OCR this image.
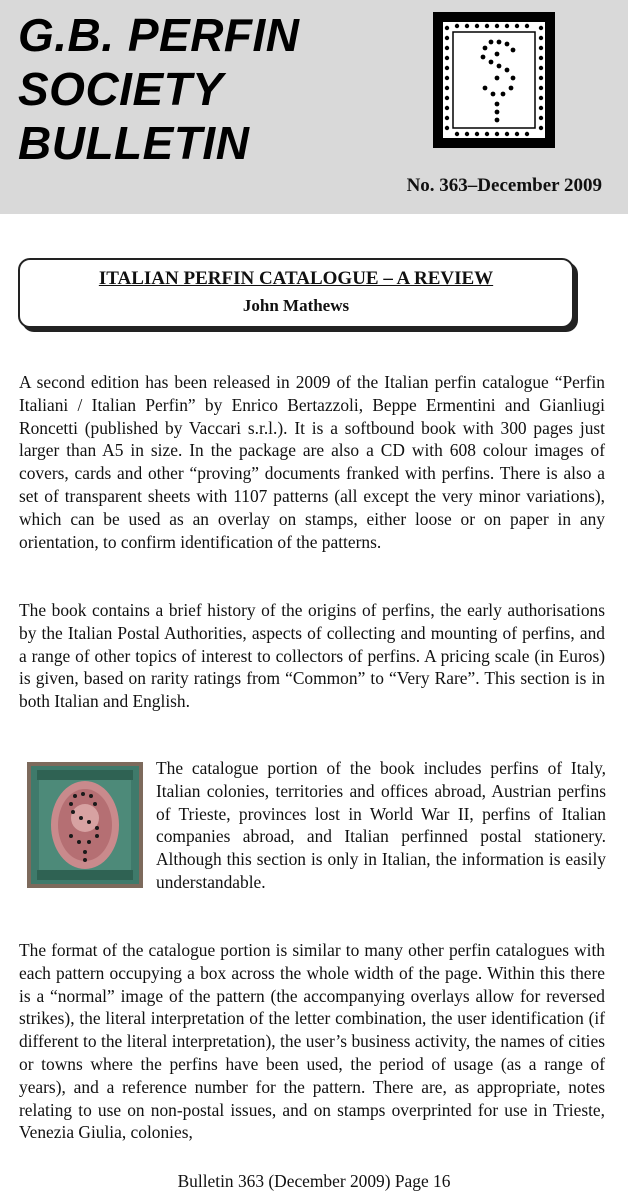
G.B. PERFIN
SOCIETY
BULLETIN

No. 363–December 2009

ITALIAN PERFIN CATALOGUE – A REVIEW
John Mathews

A second edition has been released in 2009 of the Italian perfin catalogue “Perfin Italiani / Italian Perfin” by Enrico Bertazzoli, Beppe Ermentini and Gianliugi Roncetti (published by Vaccari s.r.l.). It is a softbound book with 300 pages just larger than A5 in size. In the package are also a CD with 608 colour images of covers, cards and other “proving” documents franked with perfins. There is also a set of transparent sheets with 1107 patterns (all except the very minor variations), which can be used as an overlay on stamps, either loose or on paper in any orientation, to confirm identification of the patterns.

The book contains a brief history of the origins of perfins, the early authorisations by the Italian Postal Authorities, aspects of collecting and mounting of perfins, and a range of other topics of interest to collectors of perfins. A pricing scale (in Euros) is given, based on rarity ratings from “Common” to “Very Rare”. This section is in both Italian and English.

The catalogue portion of the book includes perfins of Italy, Italian colonies, territories and offices abroad, Austrian perfins of Trieste, provinces lost in World War II, perfins of Italian companies abroad, and Italian perfinned postal stationery. Although this section is only in Italian, the information is easily understandable.

The format of the catalogue portion is similar to many other perfin catalogues with each pattern occupying a box across the whole width of the page. Within this there is a “normal” image of the pattern (the accompanying overlays allow for reversed strikes), the literal interpretation of the letter combination, the user identification (if different to the literal interpretation), the user’s business activity, the names of cities or towns where the perfins have been used, the period of usage (as a range of years), and a reference number for the pattern. There are, as appropriate, notes relating to use on non-postal issues, and on stamps overprinted for use in Trieste, Venezia Giulia, colonies,

Bulletin 363 (December 2009) Page 16
